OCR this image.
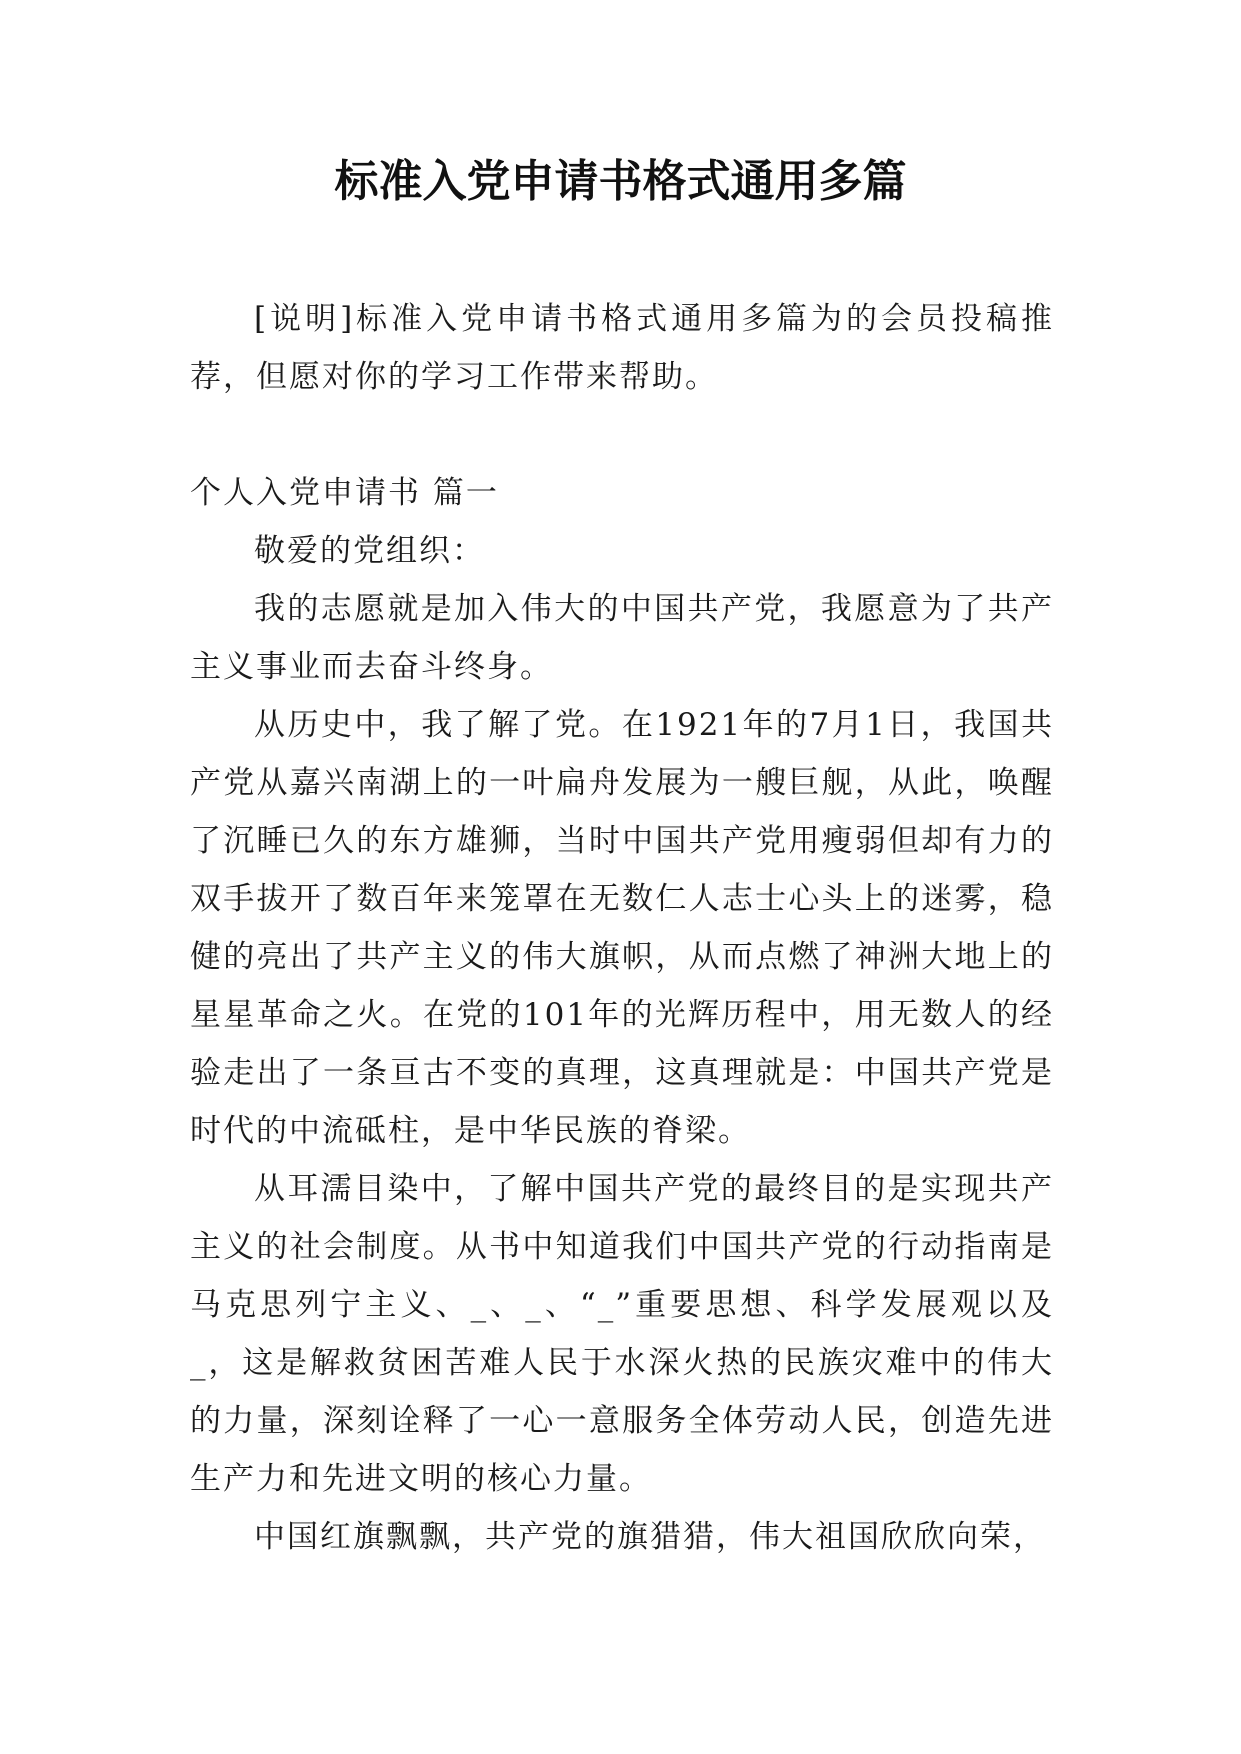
标准入党申请书格式通用多篇

[说明]标准入党申请书格式通用多篇为的会员投稿推荐，但愿对你的学习工作带来帮助。

个人入党申请书 篇一

敬爱的党组织：

我的志愿就是加入伟大的中国共产党，我愿意为了共产主义事业而去奋斗终身。

从历史中，我了解了党。在1921年的7月1日，我国共产党从嘉兴南湖上的一叶扁舟发展为一艘巨舰，从此，唤醒了沉睡已久的东方雄狮，当时中国共产党用瘦弱但却有力的双手拔开了数百年来笼罩在无数仁人志士心头上的迷雾，稳健的亮出了共产主义的伟大旗帜，从而点燃了神洲大地上的星星革命之火。在党的101年的光辉历程中，用无数人的经验走出了一条亘古不变的真理，这真理就是：中国共产党是时代的中流砥柱，是中华民族的脊梁。

从耳濡目染中，了解中国共产党的最终目的是实现共产主义的社会制度。从书中知道我们中国共产党的行动指南是马克思列宁主义、_、_、“_”重要思想、科学发展观以及_，这是解救贫困苦难人民于水深火热的民族灾难中的伟大的力量，深刻诠释了一心一意服务全体劳动人民，创造先进生产力和先进文明的核心力量。

中国红旗飘飘，共产党的旗猎猎，伟大祖国欣欣向荣，
